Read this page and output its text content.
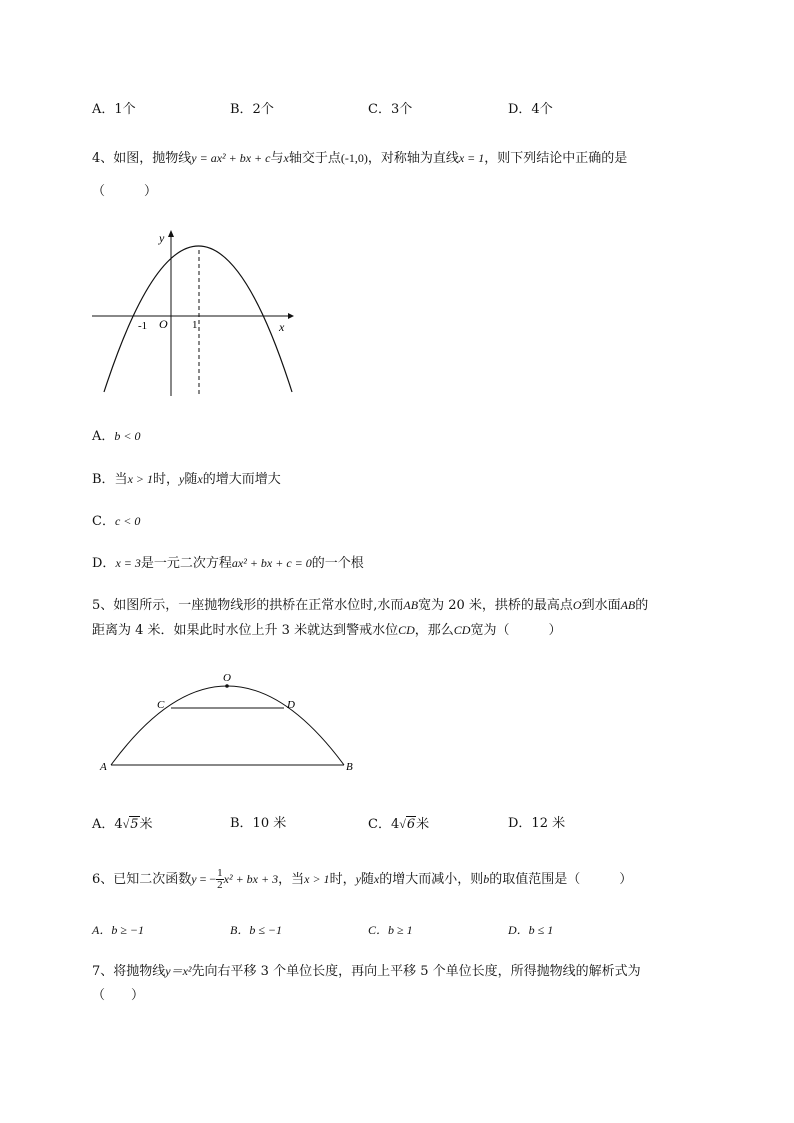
A．1个	B．2个	C．3个	D．4个
4、如图，抛物线y = ax² + bx + c与x轴交于点(-1,0)，对称轴为直线x = 1，则下列结论中正确的是
（　　　）
y
x
O
-1	1
A．b < 0
B．当x > 1时，y随x的增大而增大
C．c < 0
D．x = 3是一元二次方程ax² + bx + c = 0的一个根
5、如图所示，一座抛物线形的拱桥在正常水位时,水而AB宽为 20 米，拱桥的最高点O到水面AB的
距离为 4 米．如果此时水位上升 3 米就达到警戒水位CD，那么CD宽为（　　　）
A	B
C	D
O
A．4√5米	B．10 米	C．4√6米	D．12 米
6、已知二次函数y = − $\frac{1}{2} x^2$ + bx + 3，当x > 1时，y随x的增大而减小，则b的取值范围是（　　　）
A．b ≥ −1	B．b ≤ −1	C．b ≥ 1	D．b ≤ 1
7、将抛物线y＝x²先向右平移 3 个单位长度，再向上平移 5 个单位长度，所得抛物线的解析式为
（　　）
